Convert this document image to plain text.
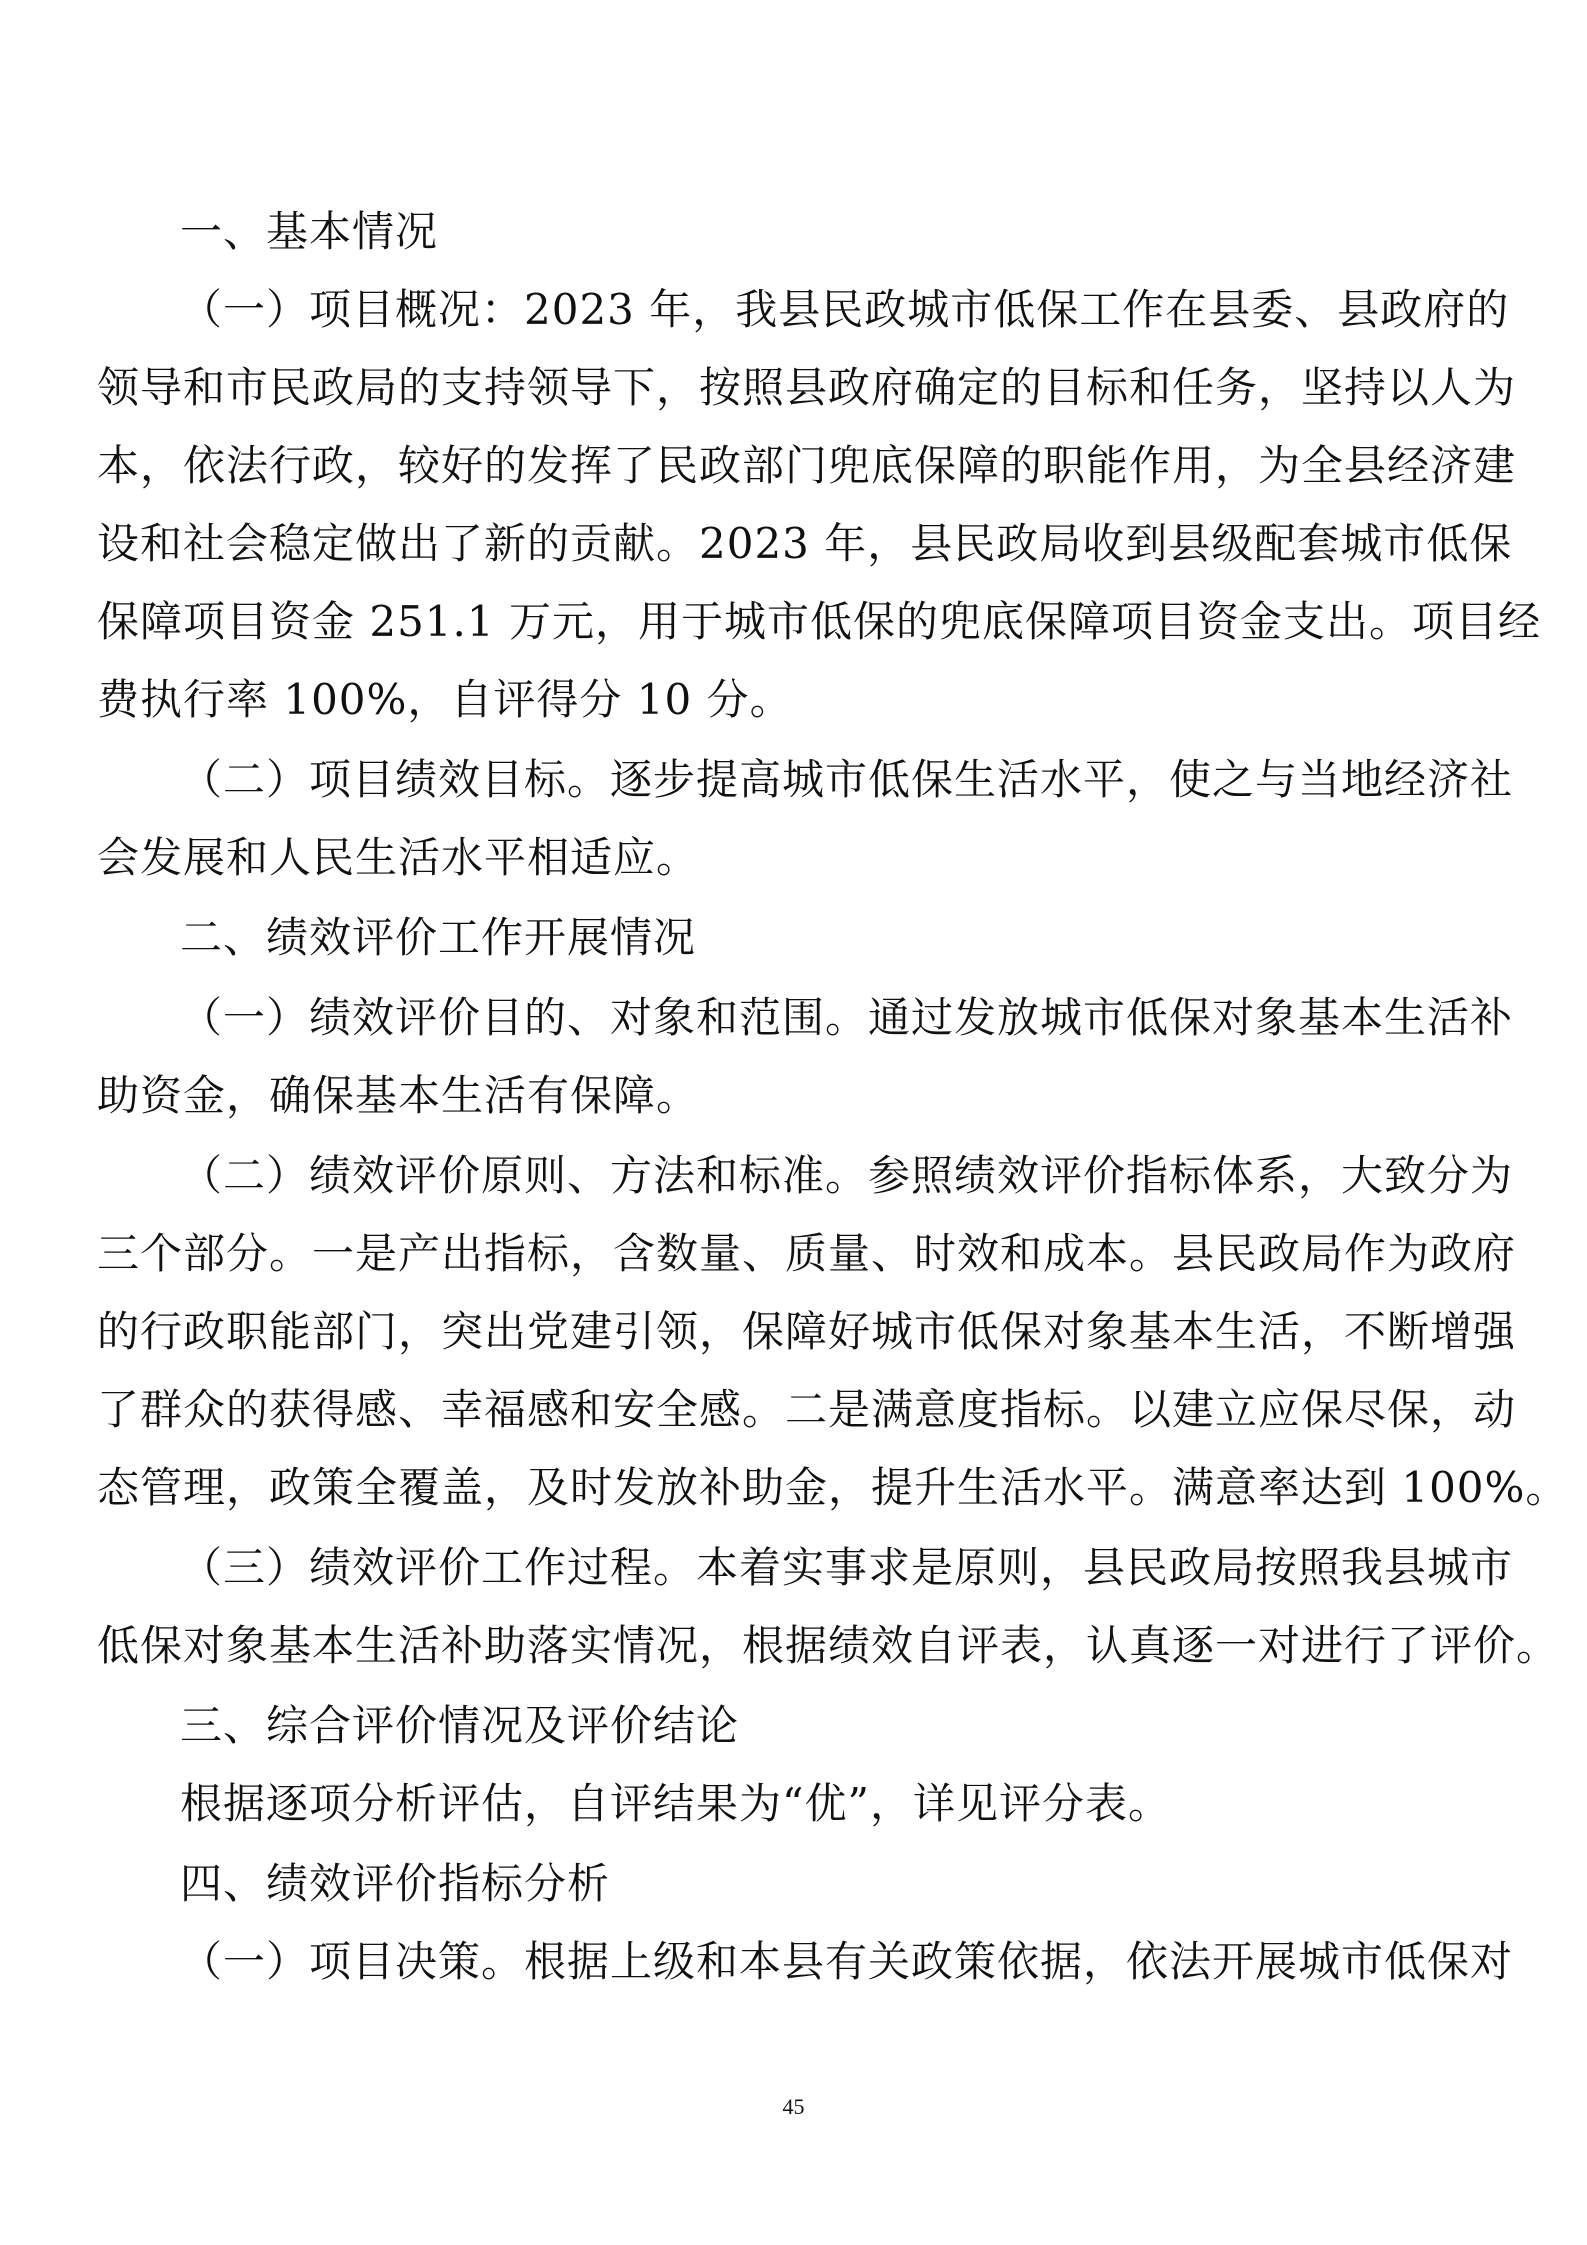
一、基本情况
（一）项目概况：2023 年，我县民政城市低保工作在县委、县政府的
领导和市民政局的支持领导下，按照县政府确定的目标和任务，坚持以人为
本，依法行政，较好的发挥了民政部门兜底保障的职能作用，为全县经济建
设和社会稳定做出了新的贡献。2023 年，县民政局收到县级配套城市低保
保障项目资金 251.1 万元，用于城市低保的兜底保障项目资金支出。项目经
费执行率 100%，自评得分 10 分。
（二）项目绩效目标。逐步提高城市低保生活水平，使之与当地经济社
会发展和人民生活水平相适应。
二、绩效评价工作开展情况
（一）绩效评价目的、对象和范围。通过发放城市低保对象基本生活补
助资金，确保基本生活有保障。
（二）绩效评价原则、方法和标准。参照绩效评价指标体系，大致分为
三个部分。一是产出指标，含数量、质量、时效和成本。县民政局作为政府
的行政职能部门，突出党建引领，保障好城市低保对象基本生活，不断增强
了群众的获得感、幸福感和安全感。二是满意度指标。以建立应保尽保，动
态管理，政策全覆盖，及时发放补助金，提升生活水平。满意率达到 100%。
（三）绩效评价工作过程。本着实事求是原则，县民政局按照我县城市
低保对象基本生活补助落实情况，根据绩效自评表，认真逐一对进行了评价。
三、综合评价情况及评价结论
根据逐项分析评估，自评结果为“优”，详见评分表。
四、绩效评价指标分析
（一）项目决策。根据上级和本县有关政策依据，依法开展城市低保对
45
